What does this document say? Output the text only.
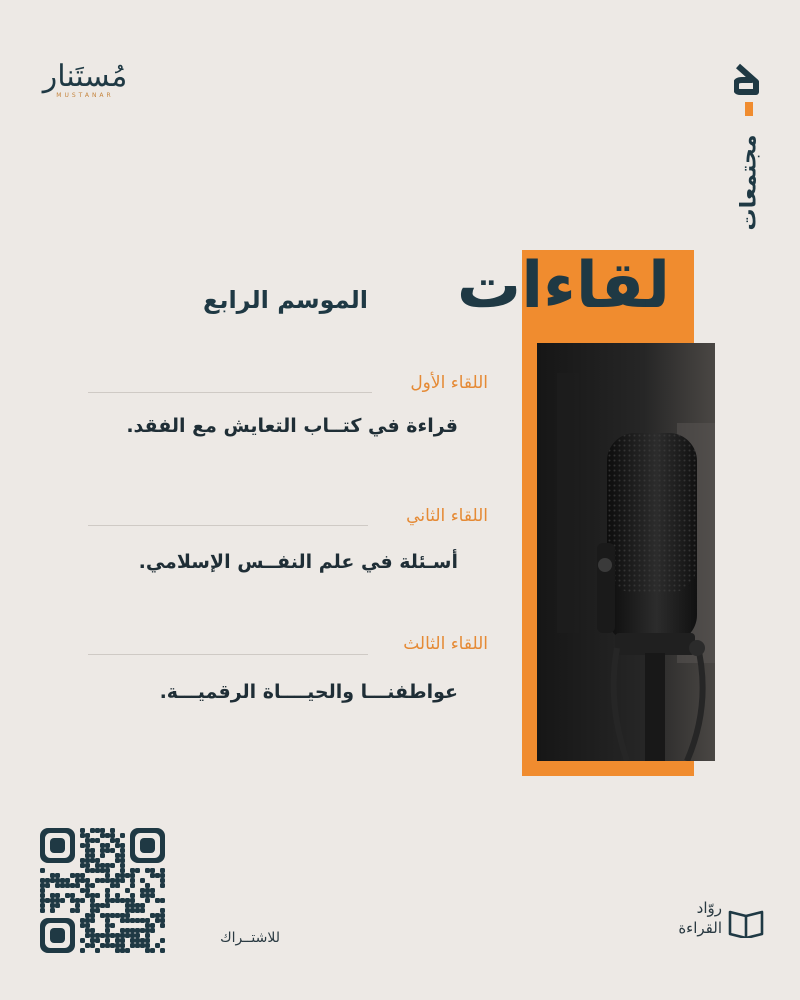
مُستَنار
MUSTANAR
مجتمعات
لقاءات
الموسم الرابع
اللقاء الأول
قراءة في كتــاب التعايش مع الفقد.
اللقاء الثاني
أسـئلة في علم النفــس الإسلامي.
اللقاء الثالث
عواطفنـــا والحيــــاة الرقميـــة.
للاشتــراك
روّاد
القراءة
